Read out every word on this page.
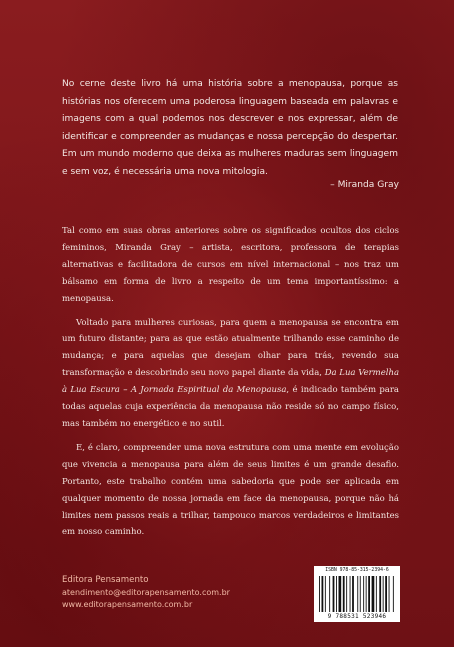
No cerne deste livro há uma história sobre a menopausa, porque as histórias nos oferecem uma poderosa linguagem baseada em palavras e imagens com a qual podemos nos descrever e nos expressar, além de identificar e compreender as mudanças e nossa percepção do despertar. Em um mundo moderno que deixa as mulheres maduras sem linguagem e sem voz, é necessária uma nova mitologia.
– Miranda Gray

Tal como em suas obras anteriores sobre os significados ocultos dos ciclos femininos, Miranda Gray – artista, escritora, professora de terapias alternativas e facilitadora de cursos em nível internacional – nos traz um bálsamo em forma de livro a respeito de um tema importantíssimo: a menopausa.

Voltado para mulheres curiosas, para quem a menopausa se encontra em um futuro distante; para as que estão atualmente trilhando esse caminho de mudança; e para aquelas que desejam olhar para trás, revendo sua transformação e descobrindo seu novo papel diante da vida, Da Lua Vermelha à Lua Escura – A Jornada Espiritual da Menopausa, é indicado também para todas aquelas cuja experiência da menopausa não reside só no campo físico, mas também no energético e no sutil.

E, é claro, compreender uma nova estrutura com uma mente em evolução que vivencia a menopausa para além de seus limites é um grande desafio. Portanto, este trabalho contém uma sabedoria que pode ser aplicada em qualquer momento de nossa jornada em face da menopausa, porque não há limites nem passos reais a trilhar, tampouco marcos verdadeiros e limitantes em nosso caminho.

Editora Pensamento
atendimento@editorapensamento.com.br
www.editorapensamento.com.br
ISBN 978-85-315-2394-6
9 788531 523946
